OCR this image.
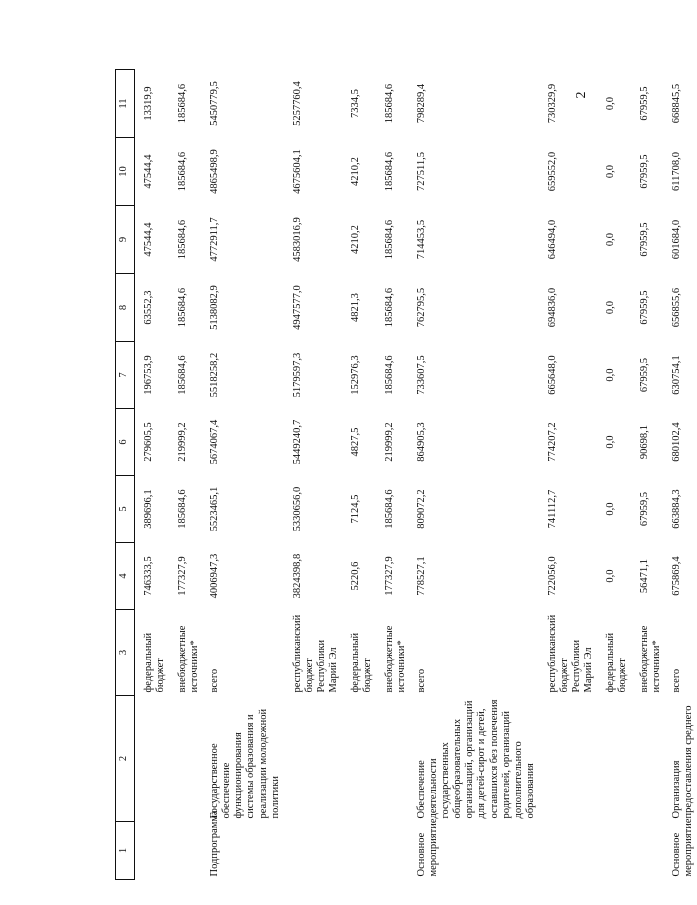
2
1	2	3	4	5	6	7	8	9	10	11
		федеральный бюджет	746333,5	389696,1	279605,5	196753,9	63552,3	47544,4	47544,4	13319,9
		внебюджетные источники*	177327,9	185684,6	219999,2	185684,6	185684,6	185684,6	185684,6	185684,6
Подпрограмма	Государственное обеспечение функционирования системы образования и реализации молодежной политики	всего	4006947,3	5523465,1	5674067,4	5518258,2	5138082,9	4772911,7	4865498,9	5450779,5
		республиканский бюджет Республики Марий Эл	3824398,8	5330656,0	5449240,7	5179597,3	4947577,0	4583016,9	4675604,1	5257760,4
		федеральный бюджет	5220,6	7124,5	4827,5	152976,3	4821,3	4210,2	4210,2	7334,5
		внебюджетные источники*	177327,9	185684,6	219999,2	185684,6	185684,6	185684,6	185684,6	185684,6
Основное мероприятие	Обеспечение деятельности государственных общеобразовательных организаций, организаций для детей-сирот и детей, оставшихся без попечения родителей, организаций дополнительного образования	всего	778527,1	809072,2	864905,3	733607,5	762795,5	714453,5	727511,5	798289,4
		республиканский бюджет Республики Марий Эл	722056,0	741112,7	774207,2	665648,0	694836,0	646494,0	659552,0	730329,9
		федеральный бюджет	0,0	0,0	0,0	0,0	0,0	0,0	0,0	0,0
		внебюджетные источники*	56471,1	67959,5	90698,1	67959,5	67959,5	67959,5	67959,5	67959,5
Основное мероприятие	Организация предоставления среднего	всего	675869,4	663884,3	680102,4	630754,1	656855,6	601684,0	611708,0	668845,5
